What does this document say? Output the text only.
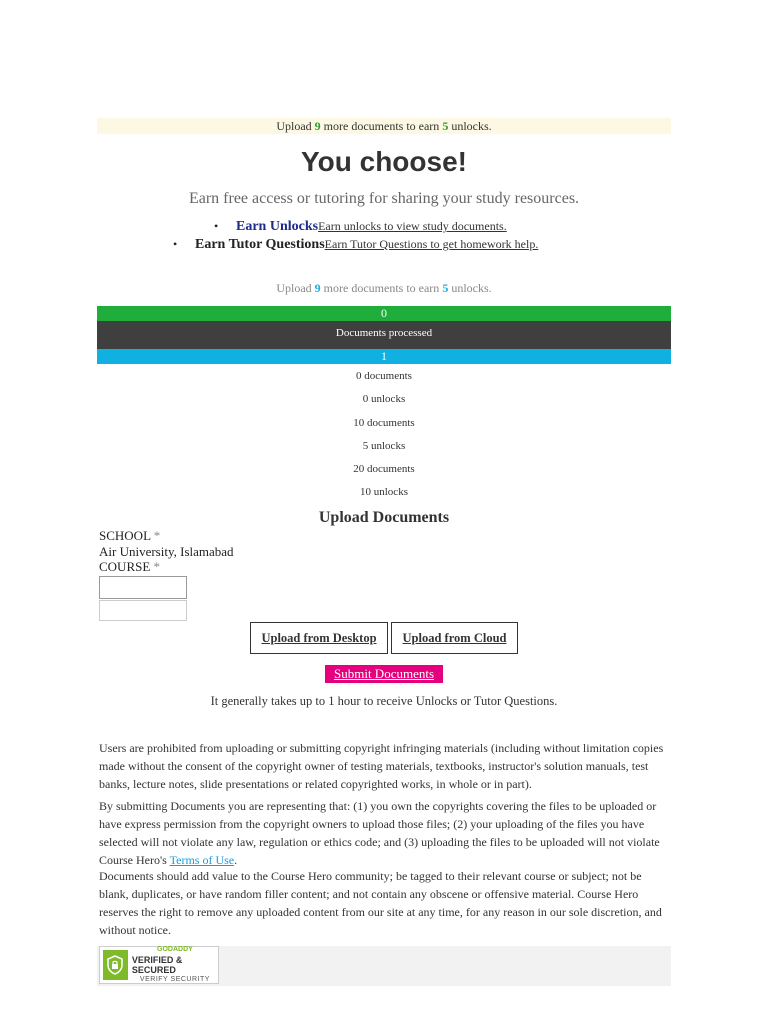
Upload 9 more documents to earn 5 unlocks.
You choose!
Earn free access or tutoring for sharing your study resources.
• Earn UnlocksEarn unlocks to view study documents.
• Earn Tutor QuestionsEarn Tutor Questions to get homework help.
Upload 9 more documents to earn 5 unlocks.
0
Documents processed
1
0 documents
0 unlocks
10 documents
5 unlocks
20 documents
10 unlocks
Upload Documents
SCHOOL *
Air University, Islamabad
COURSE *
Upload from Desktop Upload from Cloud
Submit Documents
It generally takes up to 1 hour to receive Unlocks or Tutor Questions.
Users are prohibited from uploading or submitting copyright infringing materials (including without limitation copies made without the consent of the copyright owner of testing materials, textbooks, instructor's solution manuals, test banks, lecture notes, slide presentations or related copyrighted works, in whole or in part).
By submitting Documents you are representing that: (1) you own the copyrights covering the files to be uploaded or have express permission from the copyright owners to upload those files; (2) your uploading of the files you have selected will not violate any law, regulation or ethics code; and (3) uploading the files to be uploaded will not violate Course Hero's Terms of Use.
Documents should add value to the Course Hero community; be tagged to their relevant course or subject; not be blank, duplicates, or have random filler content; and not contain any obscene or offensive material. Course Hero reserves the right to remove any uploaded content from our site at any time, for any reason in our sole discretion, and without notice.
GODADDY
VERIFIED & SECURED
VERIFY SECURITY
